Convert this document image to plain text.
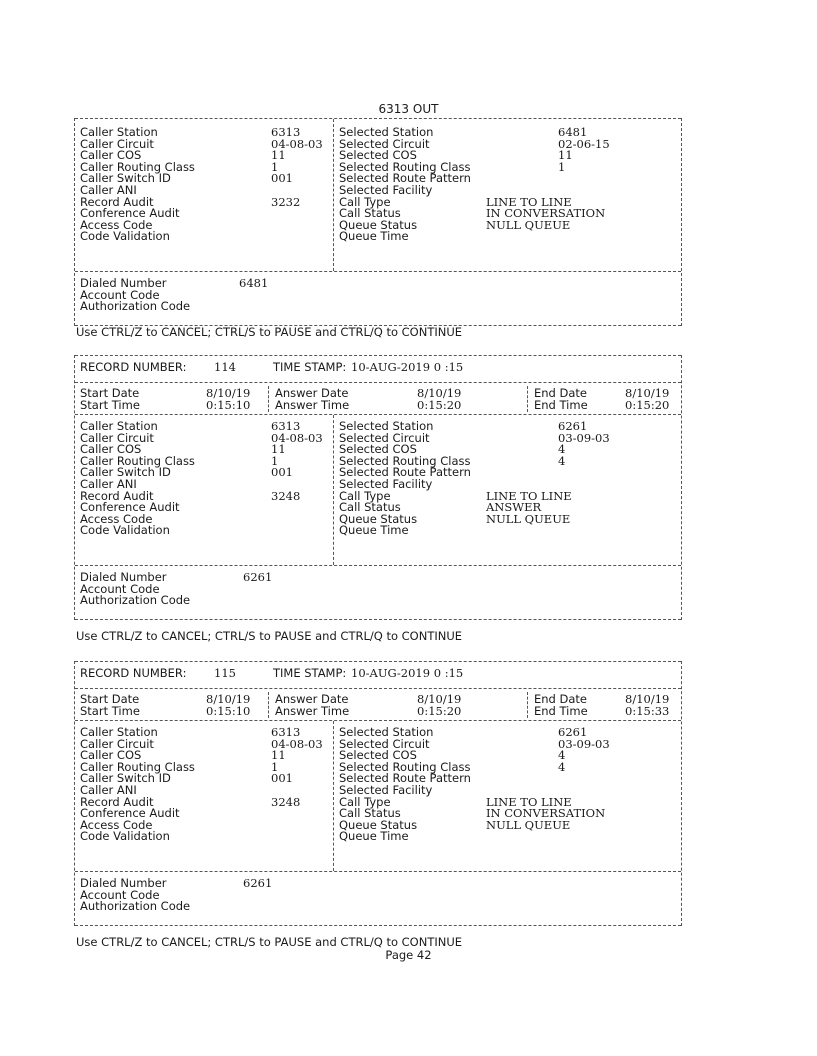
6313 OUT
Caller Station	6313	Selected Station	6481
Caller Circuit	04-08-03 Selected Circuit	02-06-15
Caller COS	11	Selected COS	11
Caller Routing Class	1	Selected Routing Class	1
Caller Switch ID	001	Selected Route Pattern
Caller ANI	Selected Facility
Record Audit	3232	Call Type	LINE TO LINE
Conference Audit	Call Status	IN CONVERSATION
Access Code	Queue Status	NULL QUEUE
Code Validation	Queue Time
Dialed Number	6481
Account Code
Authorization Code
Use CTRL/Z to CANCEL; CTRL/S to PAUSE and CTRL/Q to CONTINUE
RECORD NUMBER: 114	TIME STAMP: 10-AUG-2019 0 :15
Start Date	8/10/19 Answer Date	8/10/19	End Date	8/10/19
Start Time	0:15:10 Answer Time	0:15:20	End Time	0:15:20
Caller Station	6313	Selected Station	6261
Caller Circuit	04-08-03 Selected Circuit	03-09-03
Caller COS	11	Selected COS	4
Caller Routing Class	1	Selected Routing Class	4
Caller Switch ID	001	Selected Route Pattern
Caller ANI	Selected Facility
Record Audit	3248	Call Type	LINE TO LINE
Conference Audit	Call Status	ANSWER
Access Code	Queue Status	NULL QUEUE
Code Validation	Queue Time
Dialed Number	6261
Account Code
Authorization Code
Use CTRL/Z to CANCEL; CTRL/S to PAUSE and CTRL/Q to CONTINUE
RECORD NUMBER: 115	TIME STAMP: 10-AUG-2019 0 :15
Start Date	8/10/19 Answer Date	8/10/19	End Date	8/10/19
Start Time	0:15:10 Answer Time	0:15:20	End Time	0:15:33
Caller Station	6313	Selected Station	6261
Caller Circuit	04-08-03 Selected Circuit	03-09-03
Caller COS	11	Selected COS	4
Caller Routing Class	1	Selected Routing Class	4
Caller Switch ID	001	Selected Route Pattern
Caller ANI	Selected Facility
Record Audit	3248	Call Type	LINE TO LINE
Conference Audit	Call Status	IN CONVERSATION
Access Code	Queue Status	NULL QUEUE
Code Validation	Queue Time
Dialed Number	6261
Account Code
Authorization Code
Use CTRL/Z to CANCEL; CTRL/S to PAUSE and CTRL/Q to CONTINUE
Page 42
